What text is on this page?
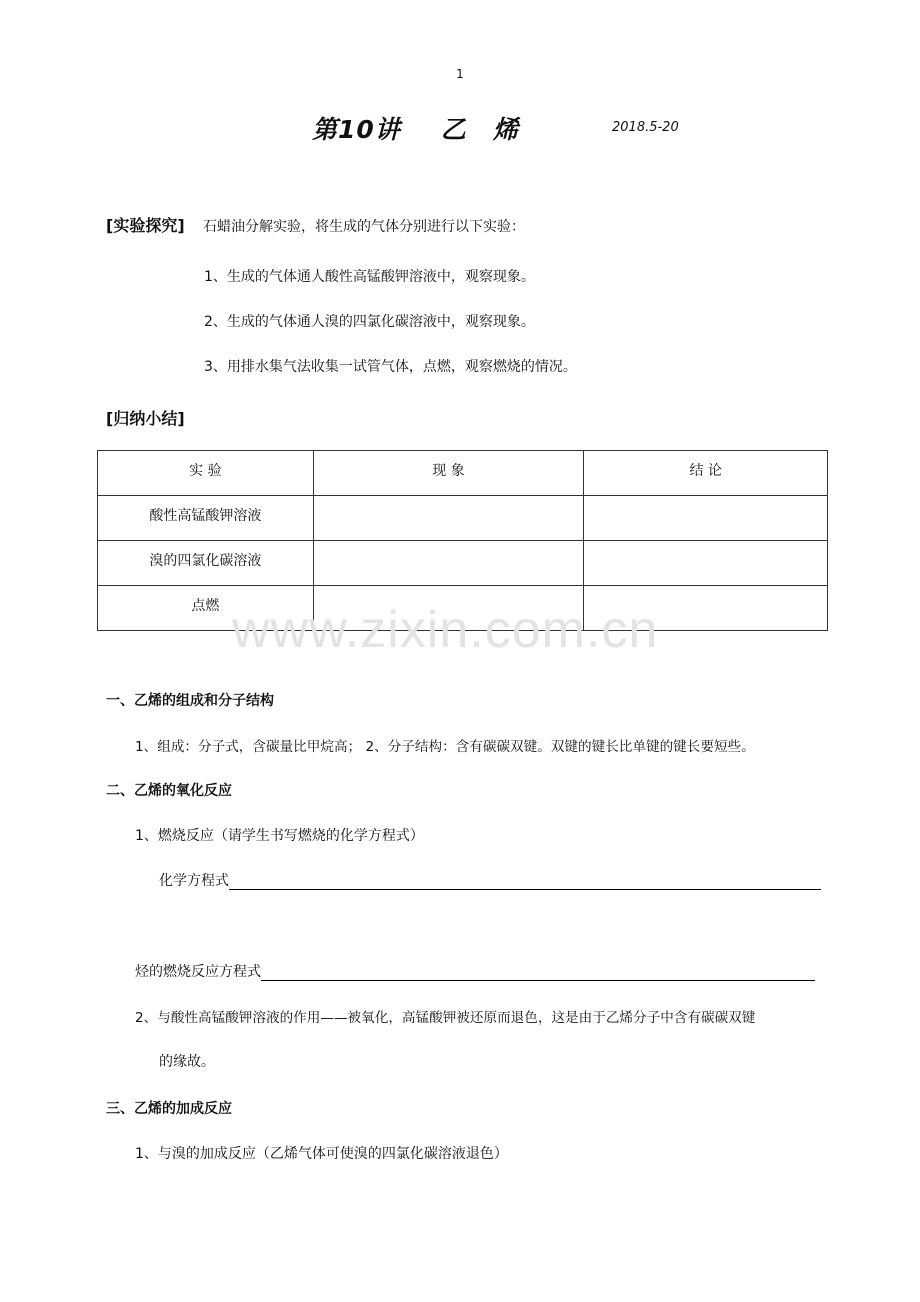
1
第10讲 乙 烯	2018.5-20
[实验探究] 石蜡油分解实验，将生成的气体分别进行以下实验：
1、生成的气体通人酸性高锰酸钾溶液中，观察现象。
2、生成的气体通人溴的四氯化碳溶液中，观察现象。
3、用排水集气法收集一试管气体，点燃，观察燃烧的情况。
[归纳小结]
实 验	现 象	结 论
酸性高锰酸钾溶液		
溴的四氯化碳溶液		
点燃		www.zixin.com.cn
一、乙烯的组成和分子结构
1、组成：分子式，含碳量比甲烷高； 2、分子结构：含有碳碳双键。双键的键长比单键的键长要短些。
二、乙烯的氧化反应
1、燃烧反应（请学生书写燃烧的化学方程式）
化学方程式
烃的燃烧反应方程式
2、与酸性高锰酸钾溶液的作用——被氧化，高锰酸钾被还原而退色，这是由于乙烯分子中含有碳碳双键
的缘故。
三、乙烯的加成反应
1、与溴的加成反应（乙烯气体可使溴的四氯化碳溶液退色）
